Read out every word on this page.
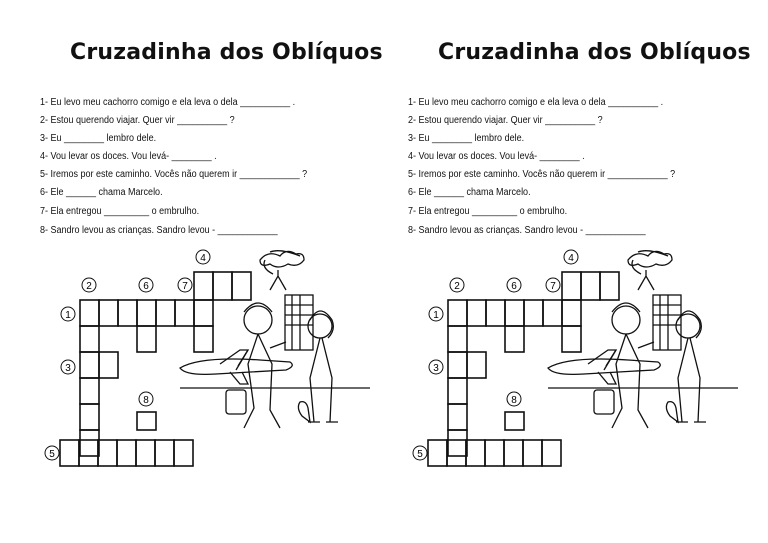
Cruzadinha dos Oblíquos
1- Eu levo meu cachorro comigo e ela leva o dela __________ .
2- Estou querendo viajar. Quer vir __________ ?
3- Eu ________ lembro dele.
4- Vou levar os doces. Vou levá- ________ .
5- Iremos por este caminho. Vocês não querem ir ____________ ?
6- Ele ______ chama Marcelo.
7- Ela entregou _________ o embrulho.
8- Sandro levou as crianças. Sandro levou - ____________
1
2
3
4
5
6	7
8
Cruzadinha dos Oblíquos
1- Eu levo meu cachorro comigo e ela leva o dela __________ .
2- Estou querendo viajar. Quer vir __________ ?
3- Eu ________ lembro dele.
4- Vou levar os doces. Vou levá- ________ .
5- Iremos por este caminho. Vocês não querem ir ____________ ?
6- Ele ______ chama Marcelo.
7- Ela entregou _________ o embrulho.
8- Sandro levou as crianças. Sandro levou - ____________
1
2
3
4
5
6	7
8
